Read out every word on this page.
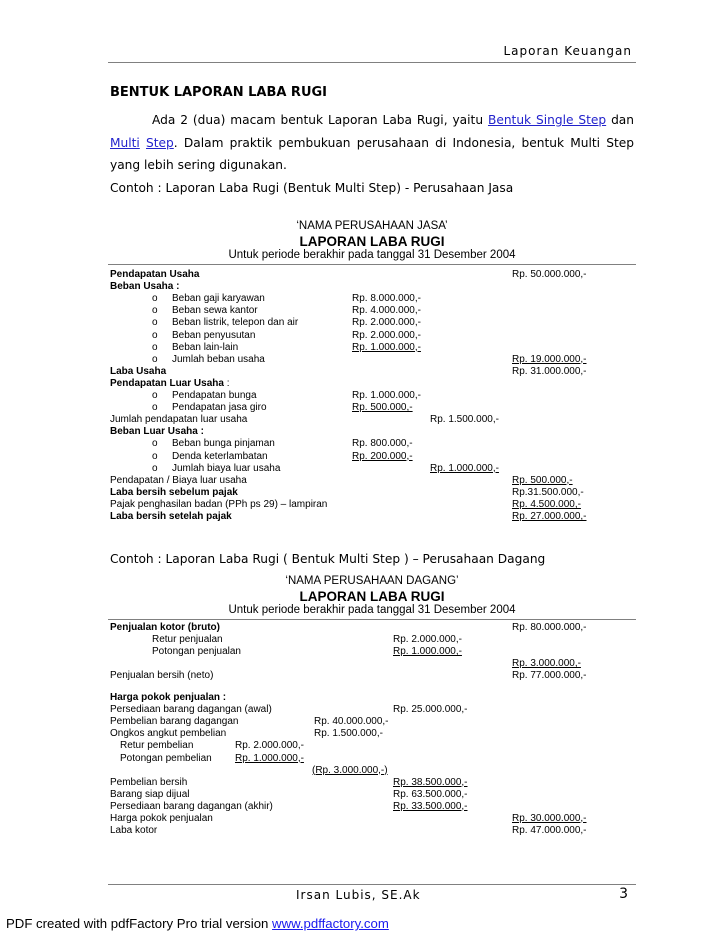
Laporan Keuangan
BENTUK LAPORAN LABA RUGI

Ada 2 (dua) macam bentuk Laporan Laba Rugi, yaitu Bentuk Single Step dan Multi Step. Dalam praktik pembukuan perusahaan di Indonesia, bentuk Multi Step yang lebih sering digunakan.

Contoh : Laporan Laba Rugi (Bentuk Multi Step) - Perusahaan Jasa
‘NAMA PERUSAHAAN JASA’
LAPORAN LABA RUGI
Untuk periode berakhir pada tanggal 31 Desember 2004
Pendapatan Usaha	Rp. 50.000.000,-
Beban Usaha :
o Beban gaji karyawan	Rp. 8.000.000,-
o Beban sewa kantor	Rp. 4.000.000,-
o Beban listrik, telepon dan air	Rp. 2.000.000,-
o Beban penyusutan	Rp. 2.000.000,-
o Beban lain-lain	Rp. 1.000.000,-
o Jumlah beban usaha	Rp. 19.000.000,-
Laba Usaha	Rp. 31.000.000,-
Pendapatan Luar Usaha :
o Pendapatan bunga	Rp. 1.000.000,-
o Pendapatan jasa giro	Rp. 500.000,-
Jumlah pendapatan luar usaha	Rp. 1.500.000,-
Beban Luar Usaha :
o Beban bunga pinjaman	Rp. 800.000,-
o Denda keterlambatan	Rp. 200.000,-
o Jumlah biaya luar usaha	Rp. 1.000.000,-
Pendapatan / Biaya luar usaha	Rp. 500.000,-
Laba bersih sebelum pajak	Rp.31.500.000,-
Pajak penghasilan badan (PPh ps 29) – lampiran	Rp. 4.500.000,-
Laba bersih setelah pajak	Rp. 27.000.000,-
Contoh : Laporan Laba Rugi ( Bentuk Multi Step ) – Perusahaan Dagang
‘NAMA PERUSAHAAN DAGANG’
LAPORAN LABA RUGI
Untuk periode berakhir pada tanggal 31 Desember 2004
Penjualan kotor (bruto)	Rp. 80.000.000,-
Retur penjualan	Rp. 2.000.000,-
Potongan penjualan	Rp. 1.000.000,-
Rp. 3.000.000,-
Penjualan bersih (neto)	Rp. 77.000.000,-
Harga pokok penjualan :
Persediaan barang dagangan (awal)	Rp. 25.000.000,-
Pembelian barang dagangan	Rp. 40.000.000,-
Ongkos angkut pembelian	Rp. 1.500.000,-
Retur pembelian	Rp. 2.000.000,-
Potongan pembelian Rp. 1.000.000,-
(Rp. 3.000.000,-)
Pembelian bersih	Rp. 38.500.000,-
Barang siap dijual	Rp. 63.500.000,-
Persediaan barang dagangan (akhir)	Rp. 33.500.000,-
Harga pokok penjualan	Rp. 30.000.000,-
Laba kotor	Rp. 47.000.000,-
Irsan Lubis, SE.Ak	3
PDF created with pdfFactory Pro trial version www.pdffactory.com
